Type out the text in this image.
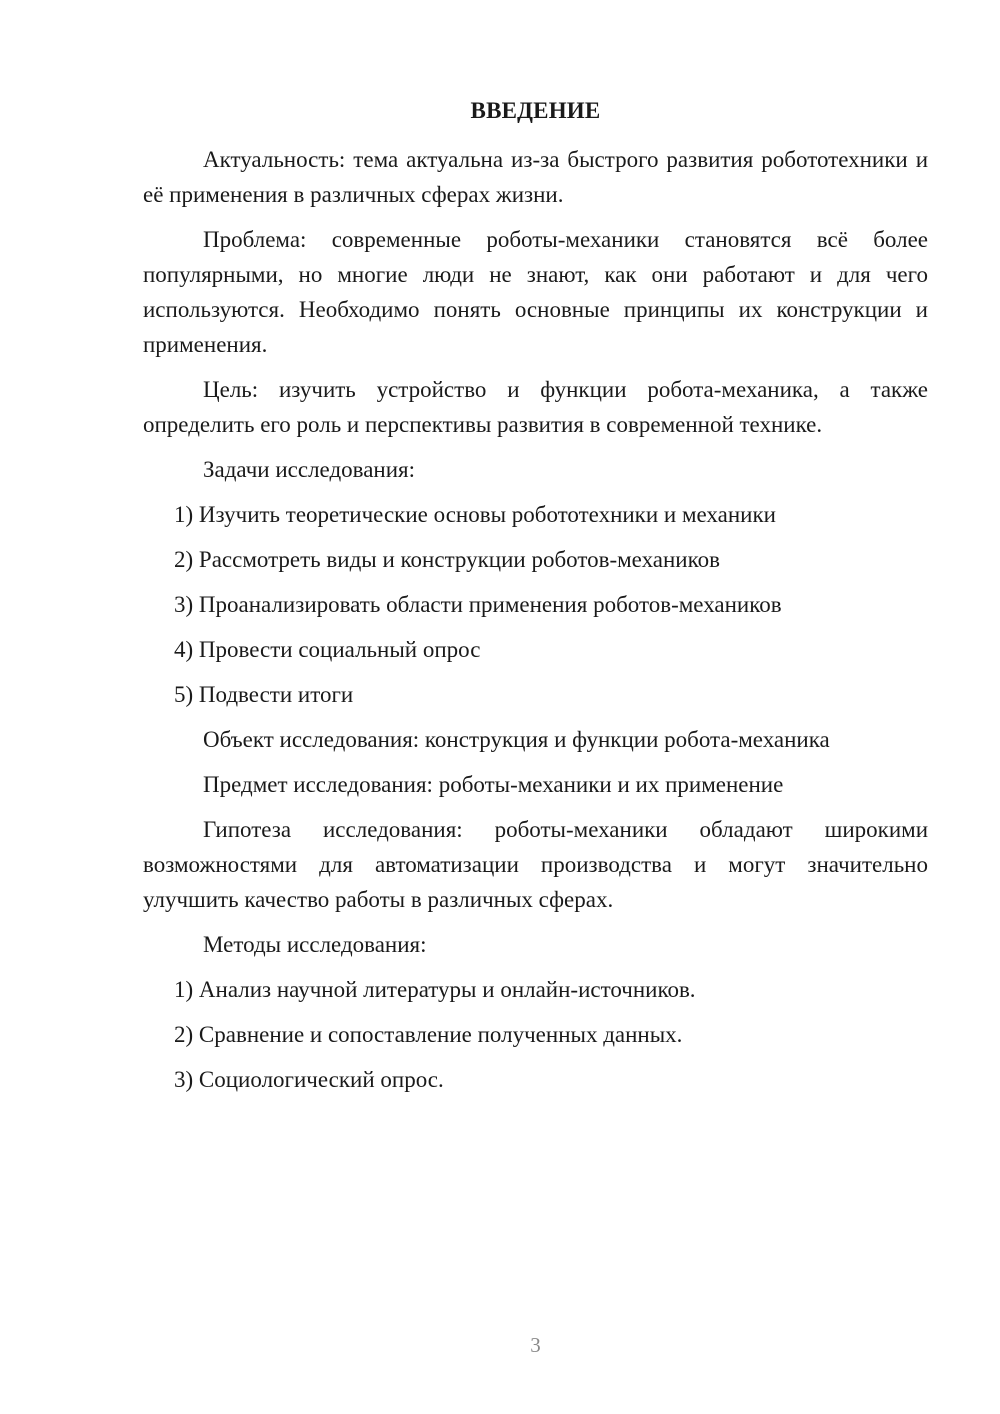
ВВЕДЕНИЕ

Актуальность: тема актуальна из-за быстрого развития робототехники и её применения в различных сферах жизни.

Проблема: современные роботы-механики становятся всё более популярными, но многие люди не знают, как они работают и для чего используются. Необходимо понять основные принципы их конструкции и применения.

Цель: изучить устройство и функции робота-механика, а также определить его роль и перспективы развития в современной технике.

Задачи исследования:

1) Изучить теоретические основы робототехники и механики
2) Рассмотреть виды и конструкции роботов-механиков
3) Проанализировать области применения роботов-механиков
4) Провести социальный опрос
5) Подвести итоги

Объект исследования: конструкция и функции робота-механика

Предмет исследования: роботы-механики и их применение

Гипотеза исследования: роботы-механики обладают широкими возможностями для автоматизации производства и могут значительно улучшить качество работы в различных сферах.

Методы исследования:

1) Анализ научной литературы и онлайн-источников.
2) Сравнение и сопоставление полученных данных.
3) Социологический опрос.
3
